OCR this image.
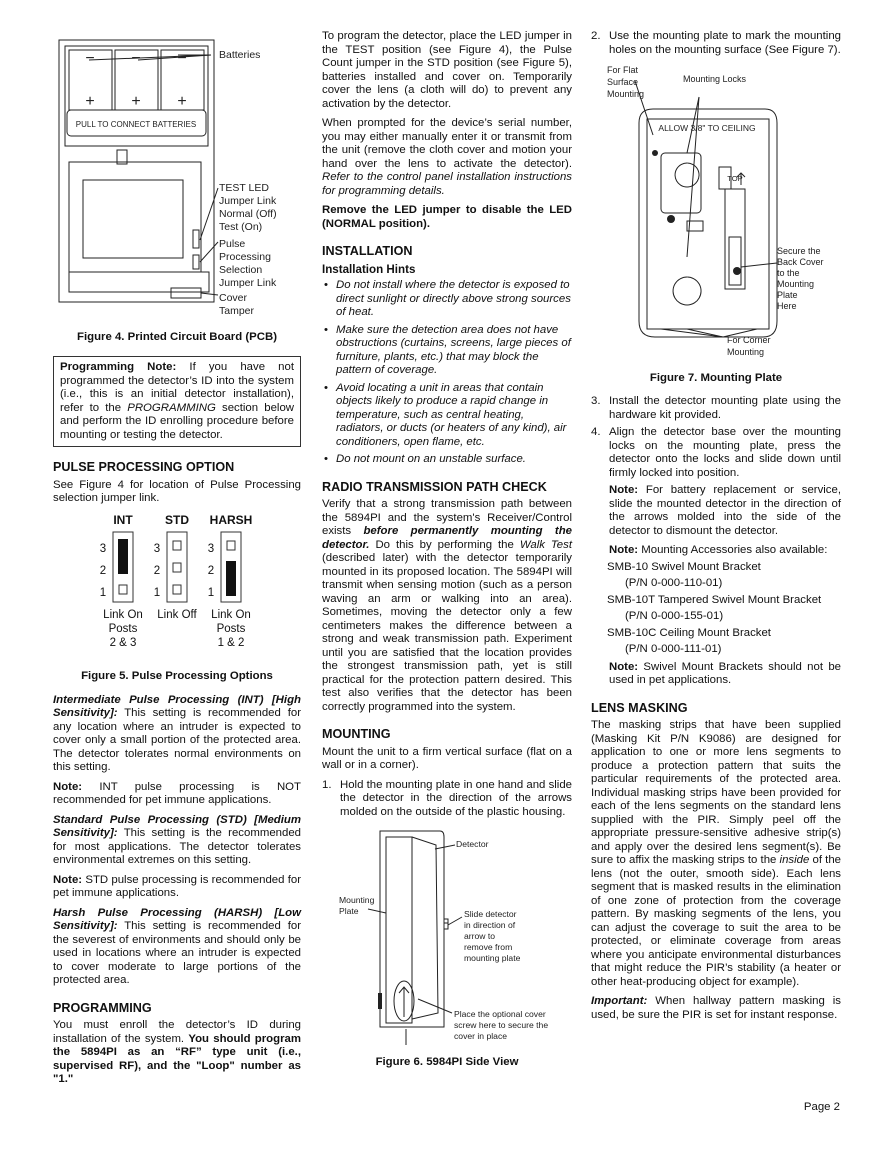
− − −
+ + +
PULL TO CONNECT BATTERIES
Batteries
TEST LED
Jumper Link
Normal (Off)
Test (On)
Pulse
Processing
Selection
Jumper Link
Cover
Tamper
Figure 4. Printed Circuit Board (PCB)
Programming Note: If you have not programmed the detector’s ID into the system (i.e., this is an initial detector installation), refer to the PROGRAMMING section below and perform the ID enrolling procedure before mounting or testing the detector.
PULSE PROCESSING OPTION

See Figure 4 for location of Pulse Processing selection jumper link.

INT	STD HARSH
3
2
1
3
2
1
3
2
1
Link On
Posts
2 & 3
Link Off Link On
Posts
1 & 2
Figure 5. Pulse Processing Options

Intermediate Pulse Processing (INT) [High Sensitivity]: This setting is recommended for any location where an intruder is expected to cover only a small portion of the protected area. The detector tolerates normal environments on this setting.

Note: INT pulse processing is NOT recommended for pet immune applications.

Standard Pulse Processing (STD) [Medium Sensitivity]: This setting is the recommended for most applications. The detector tolerates environmental extremes on this setting.

Note: STD pulse processing is recommended for pet immune applications.

Harsh Pulse Processing (HARSH) [Low Sensitivity]: This setting is recommended for the severest of environments and should only be used in locations where an intruder is expected to cover moderate to large portions of the protected area.

PROGRAMMING

You must enroll the detector’s ID during installation of the system. You should program the 5894PI as an “RF” type unit (i.e., supervised RF), and the "Loop" number as "1."

To program the detector, place the LED jumper in the TEST position (see Figure 4), the Pulse Count jumper in the STD position (see Figure 5), batteries installed and cover on. Temporarily cover the lens (a cloth will do) to prevent any activation by the detector.

When prompted for the device’s serial number, you may either manually enter it or transmit from the unit (remove the cloth cover and motion your hand over the lens to activate the detector). Refer to the control panel installation instructions for programming details.

Remove the LED jumper to disable the LED (NORMAL position).

INSTALLATION
Installation Hints
• Do not install where the detector is exposed to direct sunlight or directly above strong sources of heat.
• Make sure the detection area does not have obstructions (curtains, screens, large pieces of furniture, plants, etc.) that may block the pattern of coverage.
• Avoid locating a unit in areas that contain objects likely to produce a rapid change in temperature, such as central heating, radiators, or ducts (or heaters of any kind), air conditioners, open flame, etc.
• Do not mount on an unstable surface.
RADIO TRANSMISSION PATH CHECK

Verify that a strong transmission path between the 5894PI and the system's Receiver/Control exists before permanently mounting the detector. Do this by performing the Walk Test (described later) with the detector temporarily mounted in its proposed location. The 5894PI will transmit when sensing motion (such as a person waving an arm or walking into an area). Sometimes, moving the detector only a few centimeters makes the difference between a strong and weak transmission path. Experiment until you are satisfied that the location provides the strongest transmission path, yet is still practical for the protection pattern desired. This test also verifies that the detector has been correctly programmed into the system.

MOUNTING

Mount the unit to a firm vertical surface (flat on a wall or in a corner).

1. Hold the mounting plate in one hand and slide the detector in the direction of the arrows molded on the outside of the plastic housing.
Detector
Mounting
Plate	Slide detector
in direction of
arrow to
remove from
mounting plate
Place the optional cover
screw here to secure the
cover in place
Figure 6. 5984PI Side View
2. Use the mounting plate to mark the mounting holes on the mounting surface (See Figure 7).
ALLOW 3/8" TO CEILING
TOP
For Flat
Surface
Mounting
Mounting Locks
Secure the
Back Cover
to the
Mounting
Plate
Here
For Corner
Mounting
Figure 7. Mounting Plate
3. Install the detector mounting plate using the hardware kit provided.
4. Align the detector base over the mounting locks on the mounting plate, press the detector onto the locks and slide down until firmly locked into position.

Note: For battery replacement or service, slide the mounted detector in the direction of the arrows molded into the side of the detector to dismount the detector.

Note: Mounting Accessories also available:

SMB-10 Swivel Mount Bracket
(P/N 0-000-110-01)
SMB-10T Tampered Swivel Mount Bracket
(P/N 0-000-155-01)
SMB-10C Ceiling Mount Bracket
(P/N 0-000-111-01)

Note: Swivel Mount Brackets should not be used in pet applications.

LENS MASKING

The masking strips that have been supplied (Masking Kit P/N K9086) are designed for application to one or more lens segments to produce a protection pattern that suits the particular requirements of the protected area. Individual masking strips have been provided for each of the lens segments on the standard lens supplied with the PIR. Simply peel off the appropriate pressure-sensitive adhesive strip(s) and apply over the desired lens segment(s). Be sure to affix the masking strips to the inside of the lens (not the outer, smooth side). Each lens segment that is masked results in the elimination of one zone of protection from the coverage pattern. By masking segments of the lens, you can adjust the coverage to suit the area to be protected, or eliminate coverage from areas where you anticipate environmental disturbances that might reduce the PIR’s stability (a heater or other heat-producing object for example).

Important: When hallway pattern masking is used, be sure the PIR is set for instant response.

Page 2
